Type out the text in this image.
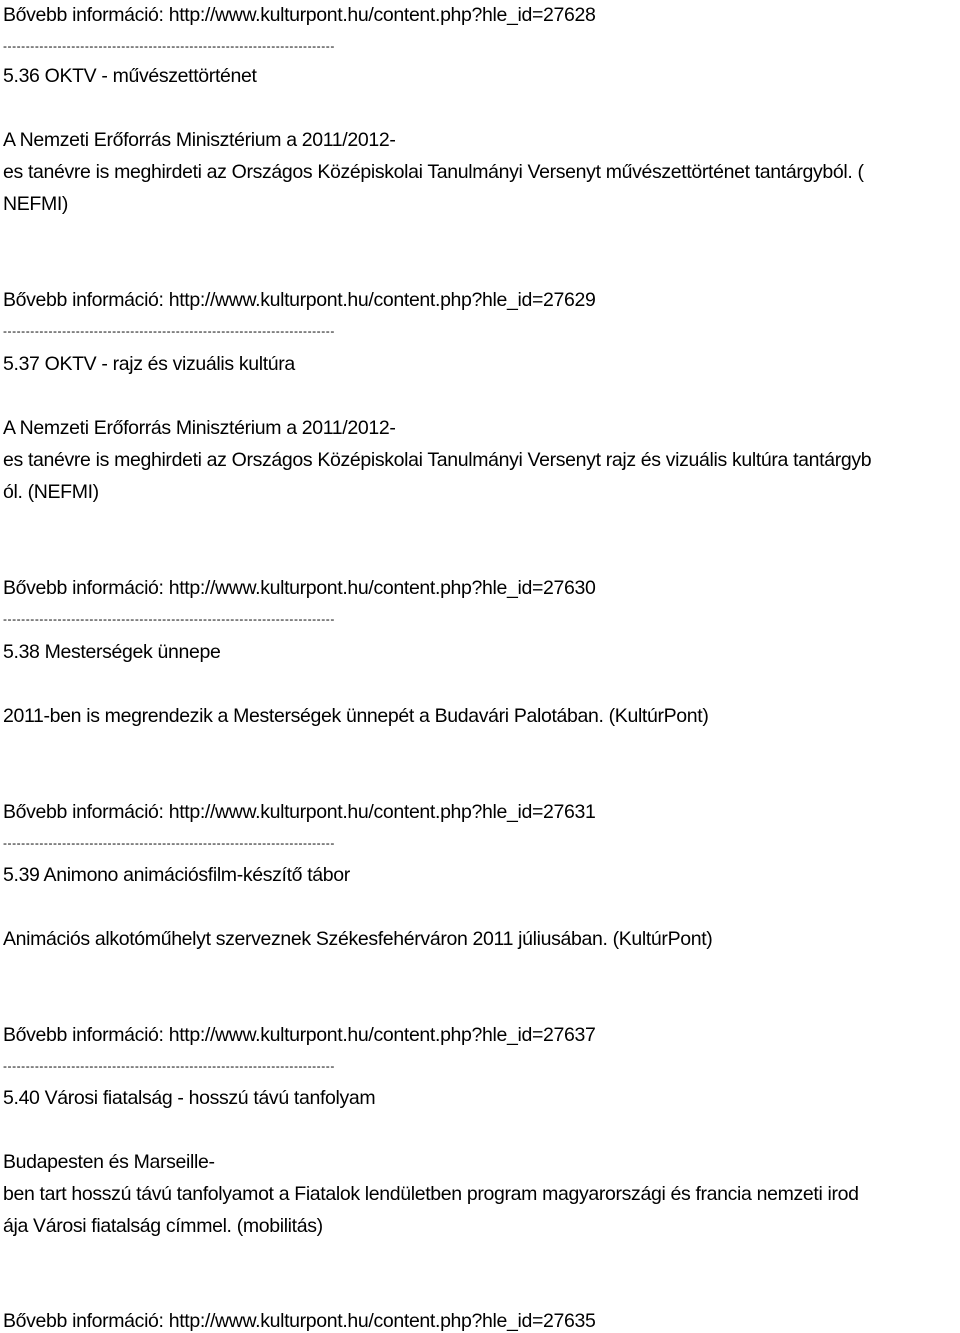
Bővebb információ: http://www.kulturpont.hu/content.php?hle_id=27628
-------------------------------------------------------------------------
5.36 OKTV - művészettörténet
A Nemzeti Erőforrás Minisztérium a 2011/2012-
es tanévre is meghirdeti az Országos Középiskolai Tanulmányi Versenyt művészettörténet tantárgyból. (
NEFMI)
Bővebb információ: http://www.kulturpont.hu/content.php?hle_id=27629
-------------------------------------------------------------------------
5.37 OKTV - rajz és vizuális kultúra
A Nemzeti Erőforrás Minisztérium a 2011/2012-
es tanévre is meghirdeti az Országos Középiskolai Tanulmányi Versenyt rajz és vizuális kultúra tantárgyb
ól. (NEFMI)
Bővebb információ: http://www.kulturpont.hu/content.php?hle_id=27630
-------------------------------------------------------------------------
5.38 Mesterségek ünnepe
2011-ben is megrendezik a Mesterségek ünnepét a Budavári Palotában. (KultúrPont)
Bővebb információ: http://www.kulturpont.hu/content.php?hle_id=27631
-------------------------------------------------------------------------
5.39 Animono animációsfilm-készítő tábor
Animációs alkotóműhelyt szerveznek Székesfehérváron 2011 júliusában. (KultúrPont)
Bővebb információ: http://www.kulturpont.hu/content.php?hle_id=27637
-------------------------------------------------------------------------
5.40 Városi fiatalság - hosszú távú tanfolyam
Budapesten és Marseille-
ben tart hosszú távú tanfolyamot a Fiatalok lendületben program magyarországi és francia nemzeti irod
ája Városi fiatalság címmel. (mobilitás)
Bővebb információ: http://www.kulturpont.hu/content.php?hle_id=27635
